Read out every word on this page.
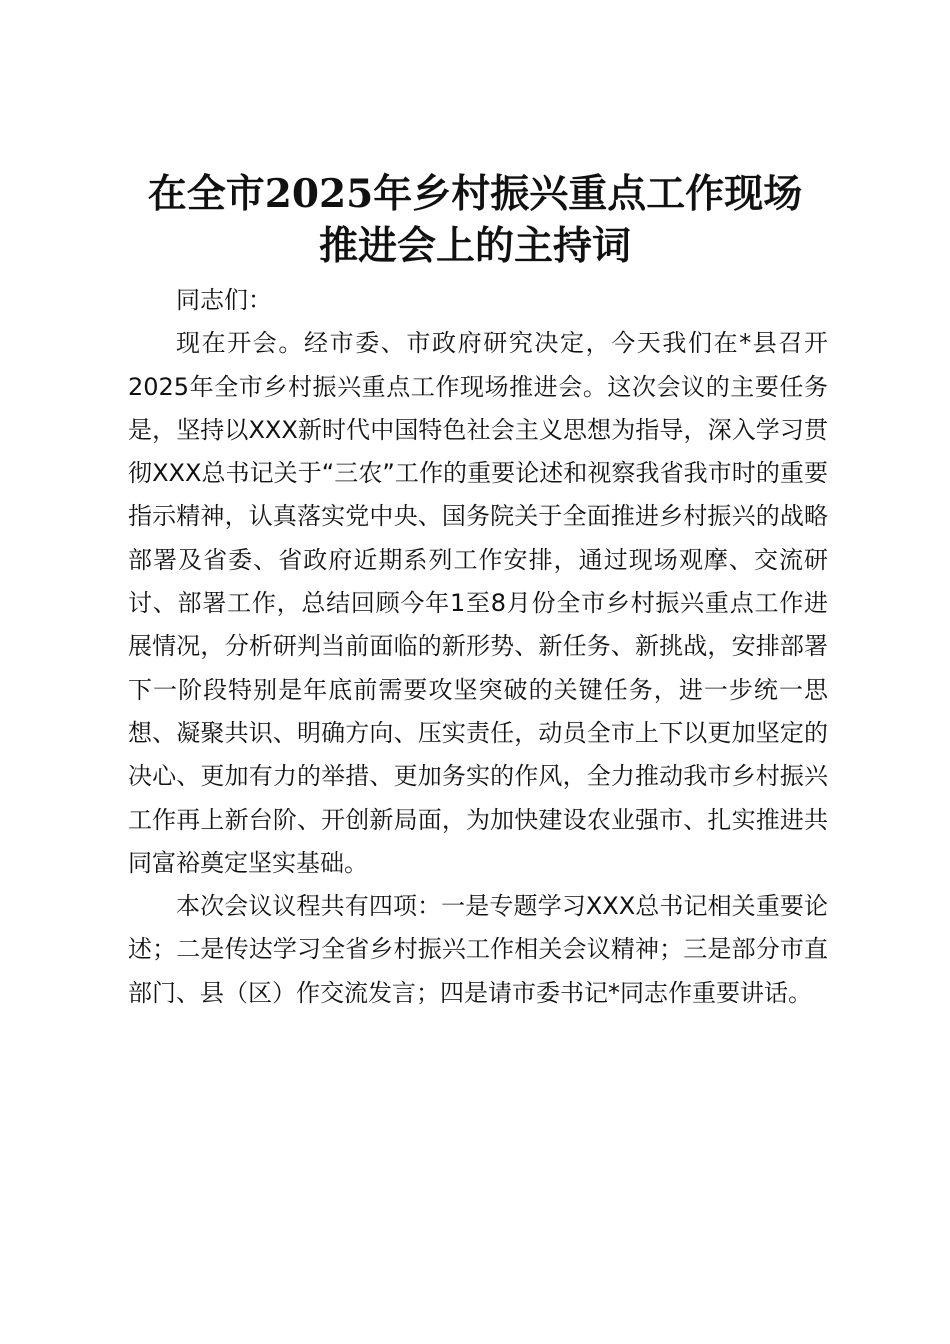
在全市2025年乡村振兴重点工作现场
推进会上的主持词

同志们：

现在开会。经市委、市政府研究决定，今天我们在*县召开2025年全市乡村振兴重点工作现场推进会。这次会议的主要任务是，坚持以XXX新时代中国特色社会主义思想为指导，深入学习贯彻XXX总书记关于“三农”工作的重要论述和视察我省我市时的重要指示精神，认真落实党中央、国务院关于全面推进乡村振兴的战略部署及省委、省政府近期系列工作安排，通过现场观摩、交流研讨、部署工作，总结回顾今年1至8月份全市乡村振兴重点工作进展情况，分析研判当前面临的新形势、新任务、新挑战，安排部署下一阶段特别是年底前需要攻坚突破的关键任务，进一步统一思想、凝聚共识、明确方向、压实责任，动员全市上下以更加坚定的决心、更加有力的举措、更加务实的作风，全力推动我市乡村振兴工作再上新台阶、开创新局面，为加快建设农业强市、扎实推进共同富裕奠定坚实基础。

本次会议议程共有四项：一是专题学习XXX总书记相关重要论述；二是传达学习全省乡村振兴工作相关会议精神；三是部分市直部门、县（区）作交流发言；四是请市委书记*同志作重要讲话。
